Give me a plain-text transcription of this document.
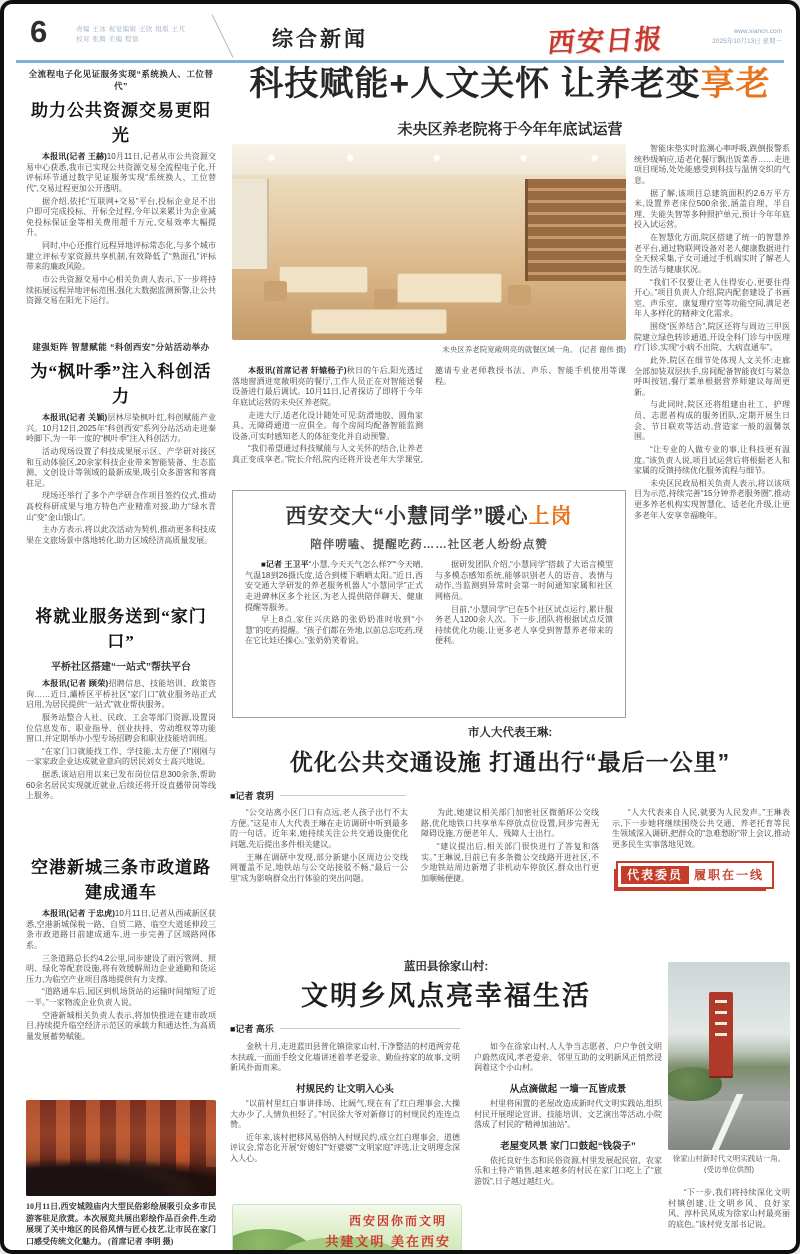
6	责编 王冰 视觉编辑 王欣 组版 王芃
校对 张腾 美编 程愔	综合新闻	西安日报	www.xiancn.com
2025年10月13日 星期一
全流程电子化见证服务实现“系统换人、工位替代”
助力公共资源交易更阳光

本报讯(记者 王赫)10月11日,记者从市公共资源交易中心获悉,我市已实现公共资源交易全流程电子化,开评标环节通过数字见证服务实现“系统换人、工位替代”,交易过程更加公开透明。

据介绍,依托“互联网+交易”平台,投标企业足不出户即可完成投标、开标全过程,今年以来累计为企业减免投标保证金等相关费用超千万元,交易效率大幅提升。

同时,中心还推行远程异地评标常态化,与多个城市建立评标专家资源共享机制,有效降低了“熟面孔”评标带来的廉政风险。

市公共资源交易中心相关负责人表示,下一步将持续拓展远程异地评标范围,强化大数据监测预警,让公共资源交易在阳光下运行。

建强矩阵 智慧赋能 “科创西安”分站活动举办
为“枫叶季”注入科创活力

本报讯(记者 关颖)层林尽染枫叶红,科创赋能产业兴。10月12日,2025年“科创西安”系列分站活动走进秦岭脚下,为一年一度的“枫叶季”注入科创活力。

活动现场设置了科技成果展示区、产学研对接区和互动体验区,20余家科技企业带来智能装备、生态监测、文创设计等领域的最新成果,吸引众多游客和客商驻足。

现场还举行了多个产学研合作项目签约仪式,推动高校科研成果与地方特色产业精准对接,助力“绿水青山”变“金山银山”。

主办方表示,将以此次活动为契机,推动更多科技成果在文旅场景中落地转化,助力区域经济高质量发展。

将就业服务送到“家门口”
平桥社区搭建“一站式”帮扶平台

本报讯(记者 顾荣)招聘信息、技能培训、政策咨询……近日,灞桥区平桥社区“家门口”就业服务站正式启用,为居民提供“一站式”就业帮扶服务。

服务站整合人社、民政、工会等部门资源,设置岗位信息发布、职业指导、创业扶持、劳动维权等功能窗口,并定期举办小型专场招聘会和职业技能培训班。

“在家门口就能找工作、学技能,太方便了!”刚刚与一家家政企业达成就业意向的居民刘女士高兴地说。

据悉,该站启用以来已发布岗位信息300余条,帮助60余名居民实现就近就业,后续还将开设直播带岗等线上服务。

空港新城三条市政道路建成通车

本报讯(记者 于忠虎)10月11日,记者从西咸新区获悉,空港新城保税一路、自贸二路、临空大道延伸段三条市政道路日前建成通车,进一步完善了区域路网体系。

三条道路总长约4.2公里,同步建设了雨污管网、照明、绿化等配套设施,将有效缓解周边企业通勤和货运压力,为临空产业项目落地提供有力支撑。

“道路通车后,园区到机场货站的运输时间缩短了近一半。”一家物流企业负责人说。

空港新城相关负责人表示,将加快推进在建市政项目,持续提升临空经济示范区的承载力和通达性,为高质量发展蓄势赋能。

10月11日,西安城隍庙内大型民俗彩绘展吸引众多市民游客驻足欣赏。本次展览共展出彩绘作品百余件,生动展现了关中地区的民俗风情与匠心技艺,让市民在家门口感受传统文化魅力。 (首席记者 李明 摄)
科技赋能+人文关怀 让养老变享老
未央区养老院将于今年年底试运营
未央区养老院宽敞明亮的就餐区域一角。 (记者 谢伟 摄)

本报讯(首席记者 轩辕杨子)秋日的午后,阳光透过落地窗洒进宽敞明亮的餐厅,工作人员正在对智能送餐设备进行最后调试。10月11日,记者探访了即将于今年年底试运营的未央区养老院。

走进大厅,适老化设计随处可见:防滑地胶、圆角家具、无障碍通道一应俱全。每个房间均配备智能监测设备,可实时感知老人的体征变化并自动预警。

“我们希望通过科技赋能与人文关怀的结合,让养老真正变成享老。”院长介绍,院内还将开设老年大学课堂,邀请专业老师教授书法、声乐、智能手机使用等课程。

智能床垫实时监测心率呼吸,跌倒报警系统秒级响应,适老化餐厅飘出饭菜香……走进项目现场,处处能感受到科技与温情交织的气息。

据了解,该项目总建筑面积约2.6万平方米,设置养老床位500余张,涵盖自理、半自理、失能失智等多种照护单元,预计今年年底投入试运营。

在智慧化方面,院区搭建了统一的智慧养老平台,通过物联网设备对老人健康数据进行全天候采集,子女可通过手机端实时了解老人的生活与健康状况。

“我们不仅要让老人住得安心,更要住得开心。”项目负责人介绍,院内配套建设了书画室、声乐室、康复理疗室等功能空间,满足老年人多样化的精神文化需求。

围绕“医养结合”,院区还将与周边三甲医院建立绿色转诊通道,开设全科门诊与中医理疗门诊,实现“小病不出院、大病直通车”。

此外,院区在细节处体现人文关怀:走廊全部加装双层扶手,房间配备智能夜灯与紧急呼叫按钮,餐厅菜单根据营养师建议每周更新。

与此同时,院区还将组建由社工、护理员、志愿者构成的服务团队,定期开展生日会、节日联欢等活动,营造家一般的温馨氛围。

“让专业的人做专业的事,让科技更有温度。”该负责人说,项目试运营后将根据老人和家属的反馈持续优化服务流程与细节。

未央区民政局相关负责人表示,将以该项目为示范,持续完善“15分钟养老服务圈”,推动更多养老机构实现智慧化、适老化升级,让更多老年人安享幸福晚年。

西安交大“小慧同学”暖心上岗
陪伴唠嗑、提醒吃药……社区老人纷纷点赞

■记者 王卫平“小慧,今天天气怎么样?”“今天晴,气温18到26摄氏度,适合到楼下晒晒太阳。”近日,西安交通大学研发的养老服务机器人“小慧同学”正式走进碑林区多个社区,为老人提供陪伴聊天、健康提醒等服务。

早上8点,家住兴庆路的张奶奶准时收到“小慧”的吃药提醒。“孩子们都在外地,以前总忘吃药,现在它比娃还操心。”张奶奶笑着说。

据研发团队介绍,“小慧同学”搭载了大语言模型与多模态感知系统,能够识别老人的语音、表情与动作,当监测到异常时会第一时间通知家属和社区网格员。

目前,“小慧同学”已在5个社区试点运行,累计服务老人1200余人次。下一步,团队将根据试点反馈持续优化功能,让更多老人享受到智慧养老带来的便利。

市人大代表王琳:
优化公共交通设施 打通出行“最后一公里”
■记者 袁玥

“公交站离小区门口有点远,老人孩子出行不太方便。”这是市人大代表王琳在走访调研中听到最多的一句话。近年来,她持续关注公共交通设施优化问题,先后提出多件相关建议。

王琳在调研中发现,部分新建小区周边公交线网覆盖不足,地铁站与公交站接驳不畅,“最后一公里”成为影响群众出行体验的突出问题。

为此,她建议相关部门加密社区微循环公交线路,优化地铁口共享单车停放点位设置,同步完善无障碍设施,方便老年人、残障人士出行。

“建议提出后,相关部门很快进行了答复和落实。”王琳说,目前已有多条微公交线路开进社区,不少地铁站周边新增了非机动车停放区,群众出行更加顺畅便捷。

“人大代表来自人民,就要为人民发声。”王琳表示,下一步她将继续围绕公共交通、养老托育等民生领域深入调研,把群众的“急难愁盼”带上会议,推动更多民生实事落地见效。

代表委员 履职在一线
蓝田县徐家山村:
文明乡风点亮幸福生活
■记者 高乐

金秋十月,走进蓝田县普化镇徐家山村,干净整洁的村道两旁花木扶疏,一面面手绘文化墙讲述着孝老爱亲、勤俭持家的故事,文明新风扑面而来。

村规民约 让文明入心头

“以前村里红白事讲排场、比阔气,现在有了红白理事会,大操大办少了,人情负担轻了。”村民徐大爷对新修订的村规民约连连点赞。

近年来,该村把移风易俗纳入村规民约,成立红白理事会、道德评议会,常态化开展“好媳妇”“好婆婆”“文明家庭”评选,让文明理念深入人心。

如今在徐家山村,人人争当志愿者、户户争创文明户蔚然成风,孝老爱亲、邻里互助的文明新风正悄然浸润着这个小山村。

从点滴做起 一墙一瓦皆成景

村里将闲置的老屋改造成新时代文明实践站,组织村民开展理论宣讲、技能培训、文艺演出等活动,小院落成了村民的“精神加油站”。

老屋变风景 家门口鼓起“钱袋子”

依托良好生态和民俗资源,村里发展起民宿、农家乐和土特产销售,越来越多的村民在家门口吃上了“旅游饭”,日子越过越红火。

徐家山村新时代文明实践站一角。 (受访单位供图)

“下一步,我们将持续深化文明村镇创建,让文明乡风、良好家风、淳朴民风成为徐家山村最亮丽的底色。”该村党支部书记说。

西安因你而文明
共建文明 美在西安
